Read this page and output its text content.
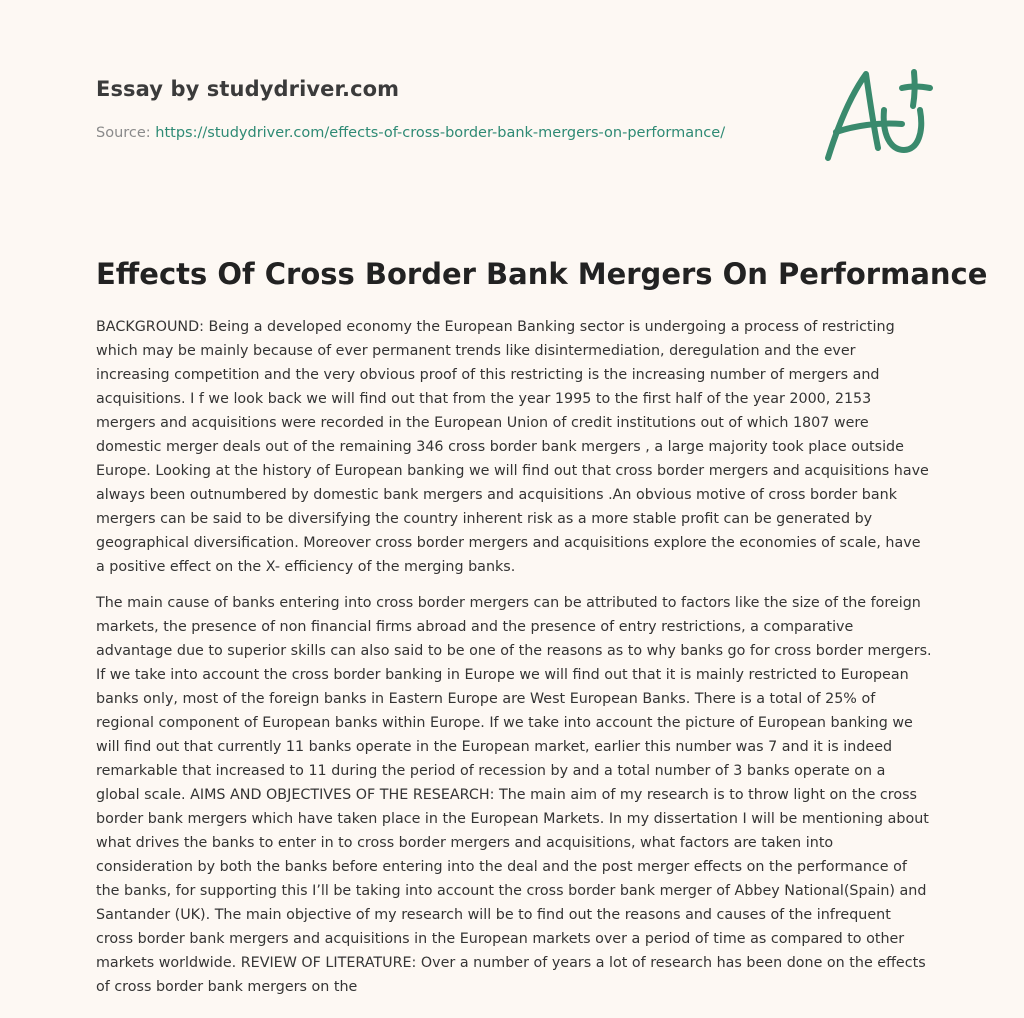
Essay by studydriver.com
Source: https://studydriver.com/effects-of-cross-border-bank-mergers-on-performance/
Effects Of Cross Border Bank Mergers On Performance

BACKGROUND: Being a developed economy the European Banking sector is undergoing a process of restricting which may be mainly because of ever permanent trends like disintermediation, deregulation and the ever increasing competition and the very obvious proof of this restricting is the increasing number of mergers and acquisitions. I f we look back we will find out that from the year 1995 to the first half of the year 2000, 2153 mergers and acquisitions were recorded in the European Union of credit institutions out of which 1807 were domestic merger deals out of the remaining 346 cross border bank mergers , a large majority took place outside Europe. Looking at the history of European banking we will find out that cross border mergers and acquisitions have always been outnumbered by domestic bank mergers and acquisitions .An obvious motive of cross border bank mergers can be said to be diversifying the country inherent risk as a more stable profit can be generated by geographical diversification. Moreover cross border mergers and acquisitions explore the economies of scale, have a positive effect on the X- efficiency of the merging banks.

The main cause of banks entering into cross border mergers can be attributed to factors like the size of the foreign markets, the presence of non financial firms abroad and the presence of entry restrictions, a comparative advantage due to superior skills can also said to be one of the reasons as to why banks go for cross border mergers. If we take into account the cross border banking in Europe we will find out that it is mainly restricted to European banks only, most of the foreign banks in Eastern Europe are West European Banks. There is a total of 25% of regional component of European banks within Europe. If we take into account the picture of European banking we will find out that currently 11 banks operate in the European market, earlier this number was 7 and it is indeed remarkable that increased to 11 during the period of recession by and a total number of 3 banks operate on a global scale. AIMS AND OBJECTIVES OF THE RESEARCH: The main aim of my research is to throw light on the cross border bank mergers which have taken place in the European Markets. In my dissertation I will be mentioning about what drives the banks to enter in to cross border mergers and acquisitions, what factors are taken into consideration by both the banks before entering into the deal and the post merger effects on the performance of the banks, for supporting this I’ll be taking into account the cross border bank merger of Abbey National(Spain) and Santander (UK). The main objective of my research will be to find out the reasons and causes of the infrequent cross border bank mergers and acquisitions in the European markets over a period of time as compared to other markets worldwide. REVIEW OF LITERATURE: Over a number of years a lot of research has been done on the effects of cross border bank mergers on the
